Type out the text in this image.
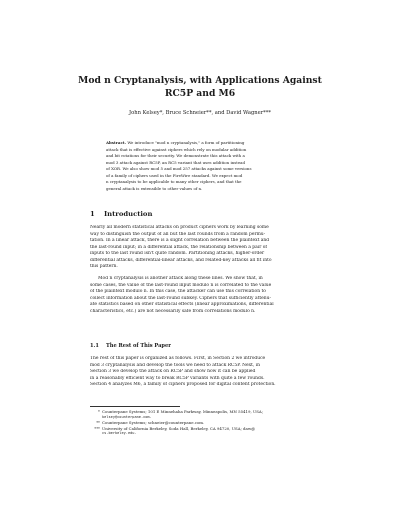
Mod n Cryptanalysis, with Applications Against
RC5P and M6
John Kelsey*, Bruce Schneier**, and David Wagner***
Abstract. We introduce "mod n cryptanalysis," a form of partitioning
attack that is effective against ciphers which rely on modular addition
and bit rotations for their security. We demonstrate this attack with a
mod 3 attack against RC5P, an RC5 variant that uses addition instead
of XOR. We also show mod 5 and mod 257 attacks against some versions
of a family of ciphers used in the FireWire standard. We expect mod
n cryptanalysis to be applicable to many other ciphers, and that the
general attack is extensible to other values of n.
1 Introduction
Nearly all modern statistical attacks on product ciphers work by learning some
way to distinguish the output of all but the last rounds from a random permu-
tation. In a linear attack, there is a slight correlation between the plaintext and
the last-round input; in a differential attack, the relationship between a pair of
inputs to the last round isn't quite random. Partitioning attacks, higher-order
differential attacks, differential-linear attacks, and related-key attacks all fit into
this pattern.
Mod n cryptanalysis is another attack along these lines. We show that, in
some cases, the value of the last-round input modulo n is correlated to the value
of the plaintext modulo n. In this case, the attacker can use this correlation to
collect information about the last-round subkey. Ciphers that sufficiently attenu-
ate statistics based on other statistical effects (linear approximations, differential
characteristics, etc.) are not necessarily safe from correlations modulo n.
1.1 The Rest of This Paper
The rest of this paper is organized as follows. First, in Section 2 we introduce
mod 3 cryptanalysis and develop the tools we need to attack RC5P. Next, in
Section 3 we develop the attack on RC5P and show how it can be applied
in a reasonably efficient way to break RC5P variants with quite a few rounds.
Section 4 analyzes M6, a family of ciphers proposed for digital content protection.
* Counterpane Systems; 101 E Minnehaha Parkway, Minneapolis, MN 55419, USA;
kelsey@counterpane.com.
** Counterpane Systems; schneier@counterpane.com.
*** University of California Berkeley, Soda Hall, Berkeley, CA 94720, USA; daw@
cs.berkeley.edu.
